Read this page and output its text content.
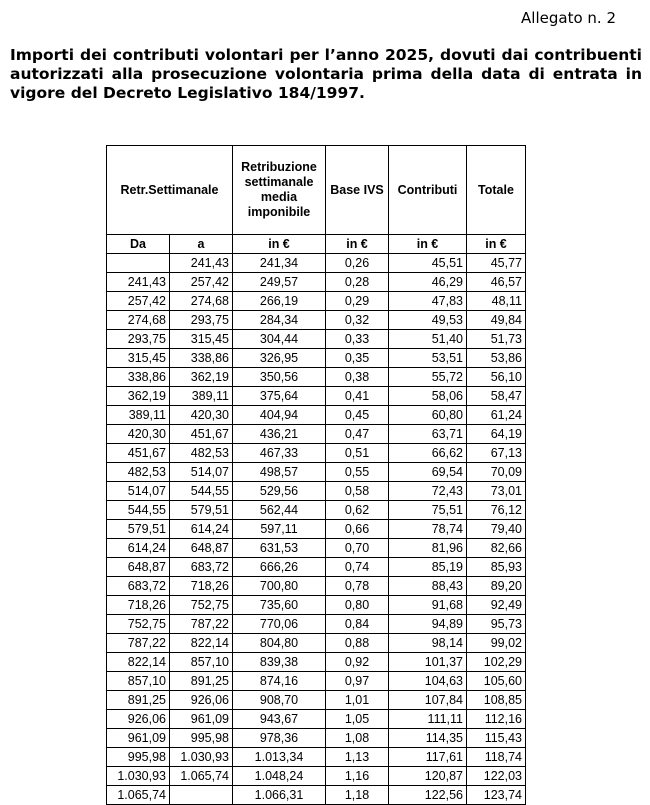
Allegato n. 2
Importi dei contributi volontari per l’anno 2025, dovuti dai contribuenti autorizzati alla prosecuzione volontaria prima della data di entrata in vigore del Decreto Legislativo 184/1997.
Retr.Settimanale		Retribuzione settimanale media imponibile	Base IVS	Contributi	Totale
Da	a	in €	in €	in €	in €
	241,43	241,34	0,26	45,51	45,77
241,43	257,42	249,57	0,28	46,29	46,57
257,42	274,68	266,19	0,29	47,83	48,11
274,68	293,75	284,34	0,32	49,53	49,84
293,75	315,45	304,44	0,33	51,40	51,73
315,45	338,86	326,95	0,35	53,51	53,86
338,86	362,19	350,56	0,38	55,72	56,10
362,19	389,11	375,64	0,41	58,06	58,47
389,11	420,30	404,94	0,45	60,80	61,24
420,30	451,67	436,21	0,47	63,71	64,19
451,67	482,53	467,33	0,51	66,62	67,13
482,53	514,07	498,57	0,55	69,54	70,09
514,07	544,55	529,56	0,58	72,43	73,01
544,55	579,51	562,44	0,62	75,51	76,12
579,51	614,24	597,11	0,66	78,74	79,40
614,24	648,87	631,53	0,70	81,96	82,66
648,87	683,72	666,26	0,74	85,19	85,93
683,72	718,26	700,80	0,78	88,43	89,20
718,26	752,75	735,60	0,80	91,68	92,49
752,75	787,22	770,06	0,84	94,89	95,73
787,22	822,14	804,80	0,88	98,14	99,02
822,14	857,10	839,38	0,92	101,37	102,29
857,10	891,25	874,16	0,97	104,63	105,60
891,25	926,06	908,70	1,01	107,84	108,85
926,06	961,09	943,67	1,05	111,11	112,16
961,09	995,98	978,36	1,08	114,35	115,43
995,98	1.030,93	1.013,34	1,13	117,61	118,74
1.030,93	1.065,74	1.048,24	1,16	120,87	122,03
1.065,74		1.066,31	1,18	122,56	123,74
